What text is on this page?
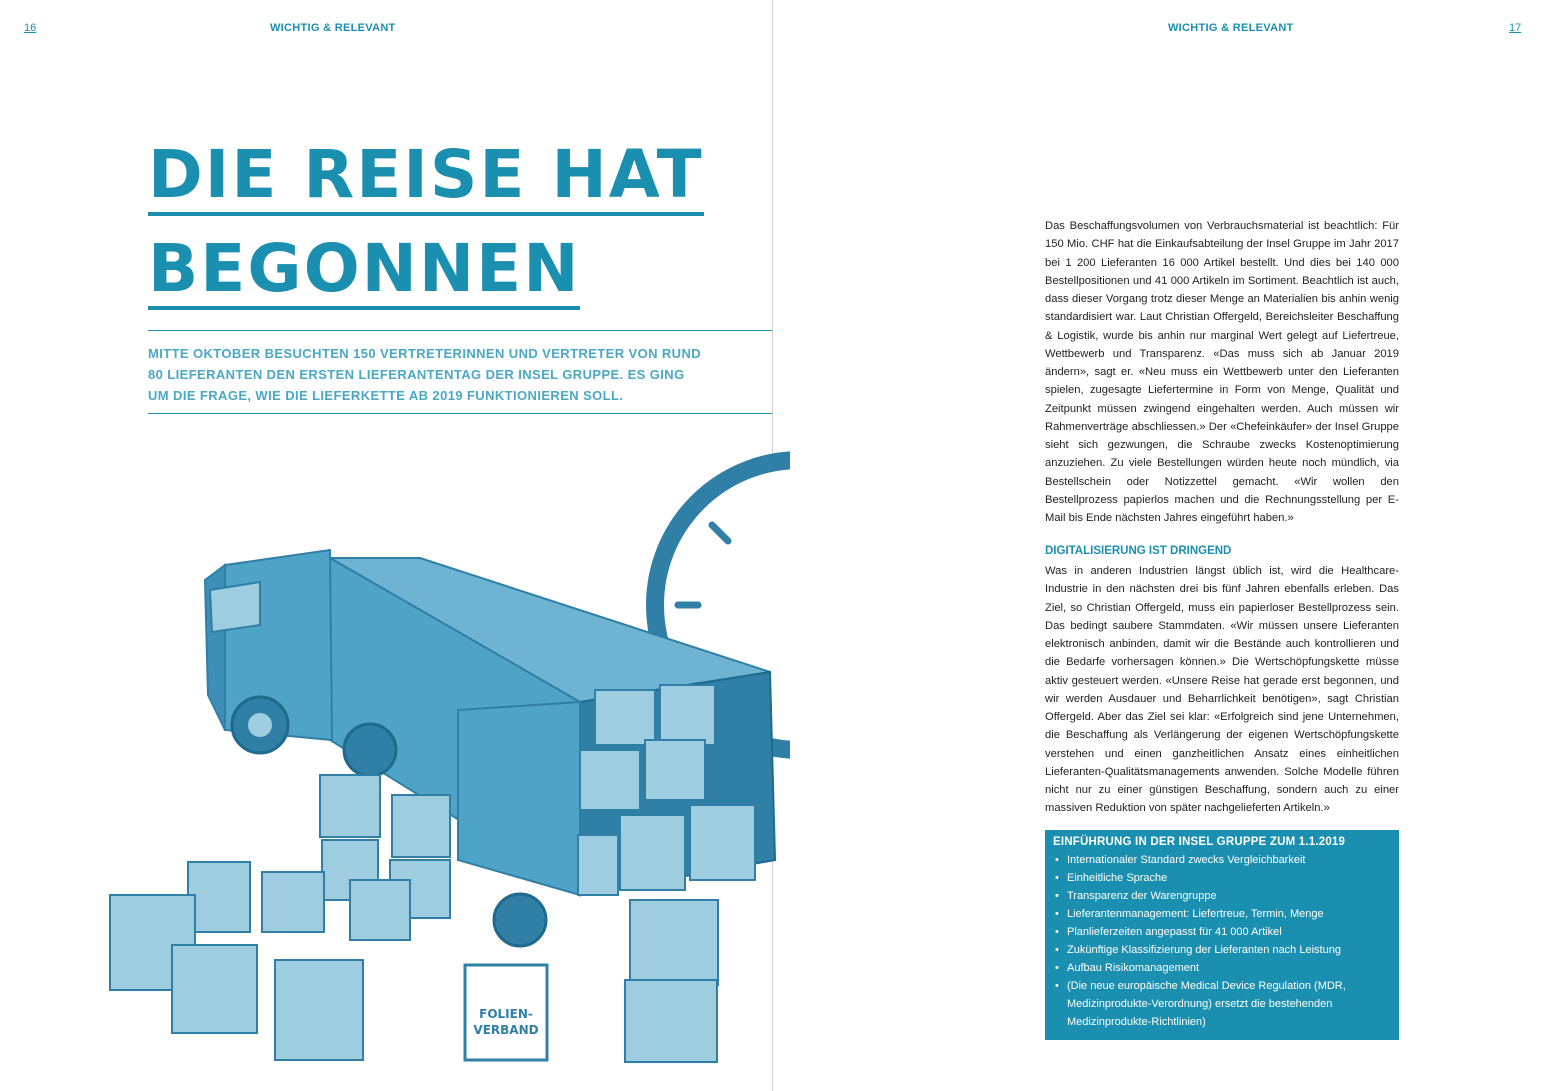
16	WICHTIG & RELEVANT
DIE REISE HAT
BEGONNEN

MITTE OKTOBER BESUCHTEN 150 VERTRETERINNEN UND VERTRETER VON RUND 80 LIEFERANTEN DEN ERSTEN LIEFERANTENTAG DER INSEL GRUPPE. ES GING UM DIE FRAGE, WIE DIE LIEFERKETTE AB 2019 FUNKTIONIEREN SOLL.

FOLIEN-
VERBAND
WICHTIG & RELEVANT	17

Das Beschaffungsvolumen von Verbrauchsmaterial ist beachtlich: Für 150 Mio. CHF hat die Einkaufsabteilung der Insel Gruppe im Jahr 2017 bei 1 200 Lieferanten 16 000 Artikel bestellt. Und dies bei 140 000 Bestellpositionen und 41 000 Artikeln im Sortiment. Beachtlich ist auch, dass dieser Vorgang trotz dieser Menge an Materialien bis anhin wenig standardisiert war. Laut Christian Offergeld, Bereichsleiter Beschaffung & Logistik, wurde bis anhin nur marginal Wert gelegt auf Liefertreue, Wettbewerb und Transparenz. «Das muss sich ab Januar 2019 ändern», sagt er. «Neu muss ein Wettbewerb unter den Lieferanten spielen, zugesagte Liefertermine in Form von Menge, Qualität und Zeitpunkt müssen zwingend eingehalten werden. Auch müssen wir Rahmenverträge abschliessen.» Der «Chefeinkäufer» der Insel Gruppe sieht sich gezwungen, die Schraube zwecks Kostenoptimierung anzuziehen. Zu viele Bestellungen würden heute noch mündlich, via Bestellschein oder Notizzettel gemacht. «Wir wollen den Bestellprozess papierlos machen und die Rechnungsstellung per E-Mail bis Ende nächsten Jahres eingeführt haben.»

DIGITALISIERUNG IST DRINGEND

Was in anderen Industrien längst üblich ist, wird die Healthcare-Industrie in den nächsten drei bis fünf Jahren ebenfalls erleben. Das Ziel, so Christian Offergeld, muss ein papierloser Bestellprozess sein. Das bedingt saubere Stammdaten. «Wir müssen unsere Lieferanten elektronisch anbinden, damit wir die Bestände auch kontrollieren und die Bedarfe vorhersagen können.» Die Wertschöpfungskette müsse aktiv gesteuert werden. «Unsere Reise hat gerade erst begonnen, und wir werden Ausdauer und Beharrlichkeit benötigen», sagt Christian Offergeld. Aber das Ziel sei klar: «Erfolgreich sind jene Unternehmen, die Beschaffung als Verlängerung der eigenen Wertschöpfungskette verstehen und einen ganzheitlichen Ansatz eines einheitlichen Lieferanten-Qualitätsmanagements anwenden. Solche Modelle führen nicht nur zu einer günstigen Beschaffung, sondern auch zu einer massiven Reduktion von später nachgelieferten Artikeln.»

EINFÜHRUNG IN DER INSEL GRUPPE ZUM 1.1.2019
• Internationaler Standard zwecks Vergleichbarkeit
• Einheitliche Sprache
• Transparenz der Warengruppe
• Lieferantenmanagement: Liefertreue, Termin, Menge
• Planlieferzeiten angepasst für 41 000 Artikel
• Zukünftige Klassifizierung der Lieferanten nach Leistung
• Aufbau Risikomanagement
• (Die neue europäische Medical Device Regulation (MDR, Medizinprodukte-Verordnung) ersetzt die bestehenden Medizinprodukte-Richtlinien)
